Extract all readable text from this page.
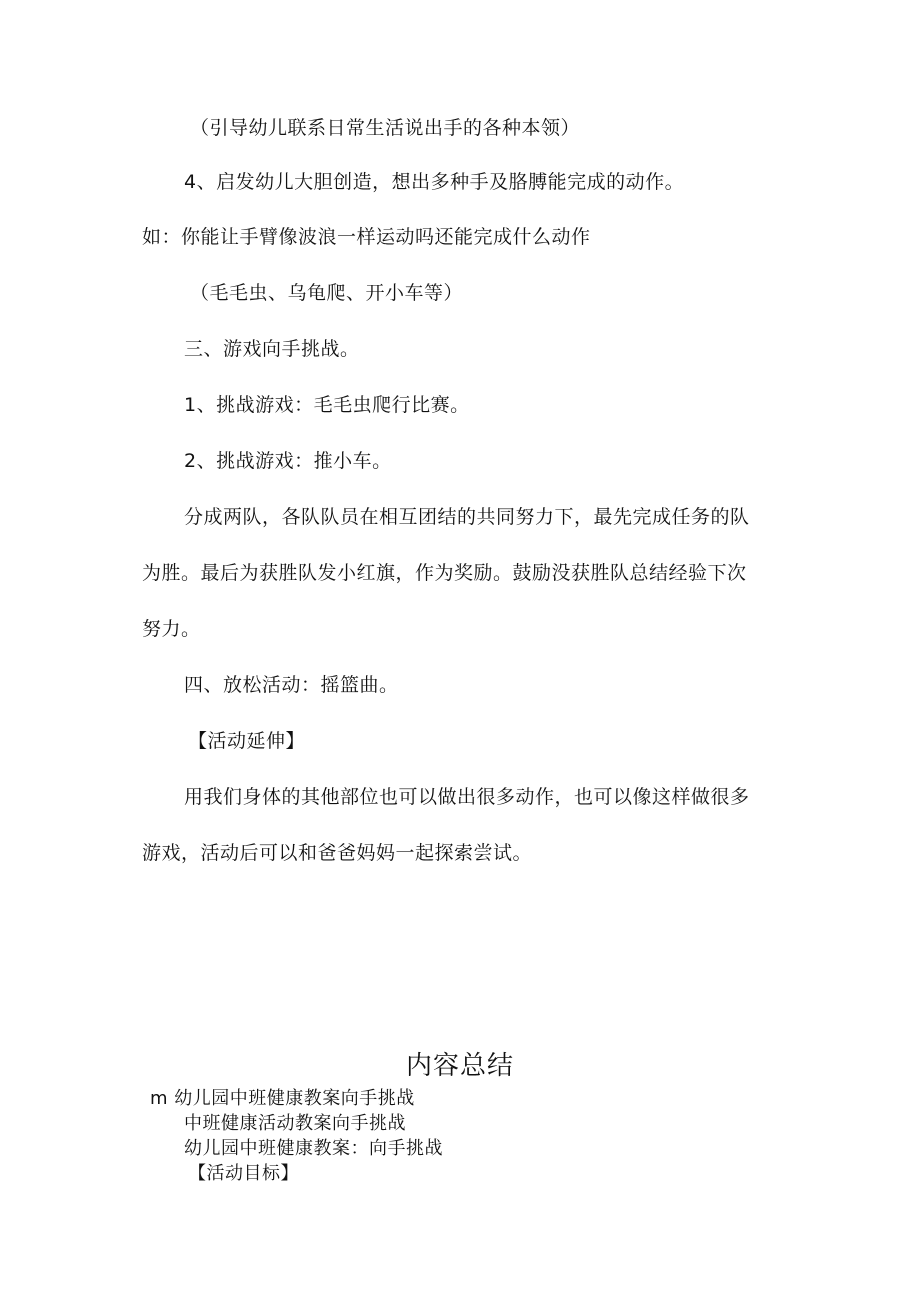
（引导幼儿联系日常生活说出手的各种本领）
4、启发幼儿大胆创造，想出多种手及胳膊能完成的动作。
如：你能让手臂像波浪一样运动吗还能完成什么动作
（毛毛虫、乌龟爬、开小车等）
三、游戏向手挑战。
1、挑战游戏：毛毛虫爬行比赛。
2、挑战游戏：推小车。
分成两队，各队队员在相互团结的共同努力下，最先完成任务的队
为胜。最后为获胜队发小红旗，作为奖励。鼓励没获胜队总结经验下次
努力。
四、放松活动：摇篮曲。
【活动延伸】
用我们身体的其他部位也可以做出很多动作，也可以像这样做很多
游戏，活动后可以和爸爸妈妈一起探索尝试。
内容总结
m 幼儿园中班健康教案向手挑战
中班健康活动教案向手挑战
幼儿园中班健康教案：向手挑战
【活动目标】
